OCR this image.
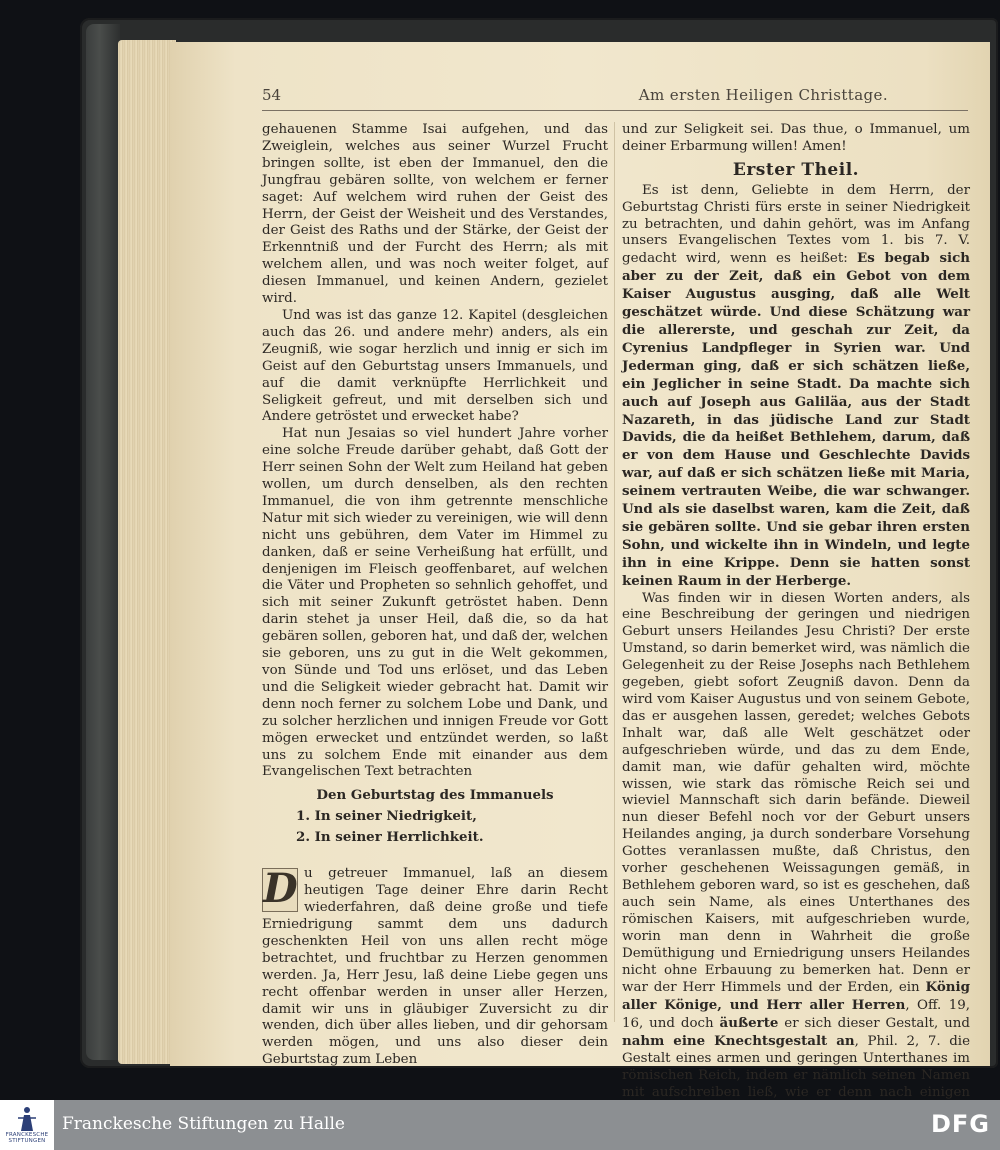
54	Am ersten Heiligen Christtage.

gehauenen Stamme Isai aufgehen, und das Zweiglein, welches aus seiner Wurzel Frucht bringen sollte, ist eben der Immanuel, den die Jungfrau gebären sollte, von welchem er ferner saget: Auf welchem wird ruhen der Geist des Herrn, der Geist der Weisheit und des Verstandes, der Geist des Raths und der Stärke, der Geist der Erkenntniß und der Furcht des Herrn; als mit welchem allen, und was noch weiter folget, auf diesen Immanuel, und keinen Andern, gezielet wird.

Und was ist das ganze 12. Kapitel (desgleichen auch das 26. und andere mehr) anders, als ein Zeugniß, wie sogar herzlich und innig er sich im Geist auf den Geburtstag unsers Immanuels, und auf die damit verknüpfte Herrlichkeit und Seligkeit gefreut, und mit derselben sich und Andere getröstet und erwecket habe?

Hat nun Jesaias so viel hundert Jahre vorher eine solche Freude darüber gehabt, daß Gott der Herr seinen Sohn der Welt zum Heiland hat geben wollen, um durch denselben, als den rechten Immanuel, die von ihm getrennte menschliche Natur mit sich wieder zu vereinigen, wie will denn nicht uns gebühren, dem Vater im Himmel zu danken, daß er seine Verheißung hat erfüllt, und denjenigen im Fleisch geoffenbaret, auf welchen die Väter und Propheten so sehnlich gehoffet, und sich mit seiner Zukunft getröstet haben. Denn darin stehet ja unser Heil, daß die, so da hat gebären sollen, geboren hat, und daß der, welchen sie geboren, uns zu gut in die Welt gekommen, von Sünde und Tod uns erlöset, und das Leben und die Seligkeit wieder gebracht hat. Damit wir denn noch ferner zu solchem Lobe und Dank, und zu solcher herzlichen und innigen Freude vor Gott mögen erwecket und entzündet werden, so laßt uns zu solchem Ende mit einander aus dem Evangelischen Text betrachten

Den Geburtstag des Immanuels
1. In seiner Niedrigkeit,
2. In seiner Herrlichkeit.
D u getreuer Immanuel, laß an diesem heutigen Tage deiner Ehre darin Recht wiederfahren, daß deine große und tiefe Erniedrigung sammt dem uns dadurch geschenkten Heil von uns allen recht möge betrachtet, und fruchtbar zu Herzen genommen werden. Ja, Herr Jesu, laß deine Liebe gegen uns recht offenbar werden in unser aller Herzen, damit wir uns in gläubiger Zuversicht zu dir wenden, dich über alles lieben, und dir gehorsam werden mögen, und uns also dieser dein Geburtstag zum Leben

und zur Seligkeit sei. Das thue, o Immanuel, um deiner Erbarmung willen! Amen!

Erster Theil.

Es ist denn, Geliebte in dem Herrn, der Geburtstag Christi fürs erste in seiner Niedrigkeit zu betrachten, und dahin gehört, was im Anfang unsers Evangelischen Textes vom 1. bis 7. V. gedacht wird, wenn es heißet: Es begab sich aber zu der Zeit, daß ein Gebot von dem Kaiser Augustus ausging, daß alle Welt geschätzet würde. Und diese Schätzung war die allererste, und geschah zur Zeit, da Cyrenius Landpfleger in Syrien war. Und Jederman ging, daß er sich schätzen ließe, ein Jeglicher in seine Stadt. Da machte sich auch auf Joseph aus Galiläa, aus der Stadt Nazareth, in das jüdische Land zur Stadt Davids, die da heißet Bethlehem, darum, daß er von dem Hause und Geschlechte Davids war, auf daß er sich schätzen ließe mit Maria, seinem vertrauten Weibe, die war schwanger. Und als sie daselbst waren, kam die Zeit, daß sie gebären sollte. Und sie gebar ihren ersten Sohn, und wickelte ihn in Windeln, und legte ihn in eine Krippe. Denn sie hatten sonst keinen Raum in der Herberge.

Was finden wir in diesen Worten anders, als eine Beschreibung der geringen und niedrigen Geburt unsers Heilandes Jesu Christi? Der erste Umstand, so darin bemerket wird, was nämlich die Gelegenheit zu der Reise Josephs nach Bethlehem gegeben, giebt sofort Zeugniß davon. Denn da wird vom Kaiser Augustus und von seinem Gebote, das er ausgehen lassen, geredet; welches Gebots Inhalt war, daß alle Welt geschätzet oder aufgeschrieben würde, und das zu dem Ende, damit man, wie dafür gehalten wird, möchte wissen, wie stark das römische Reich sei und wieviel Mannschaft sich darin befände. Dieweil nun dieser Befehl noch vor der Geburt unsers Heilandes anging, ja durch sonderbare Vorsehung Gottes veranlassen mußte, daß Christus, den vorher geschehenen Weissagungen gemäß, in Bethlehem geboren ward, so ist es geschehen, daß auch sein Name, als eines Unterthanes des römischen Kaisers, mit aufgeschrieben wurde, worin man denn in Wahrheit die große Demüthigung und Erniedrigung unsers Heilandes nicht ohne Erbauung zu bemerken hat. Denn er war der Herr Himmels und der Erden, ein König aller Könige, und Herr aller Herren, Off. 19, 16, und doch äußerte er sich dieser Gestalt, und nahm eine Knechtsgestalt an, Phil. 2, 7. die Gestalt eines armen und geringen Unterthanes im römischen Reich, indem er nämlich seinen Namen mit aufschreiben ließ, wie er denn nach einigen

FRANCKESCHE
STIFTUNGEN
Franckesche Stiftungen zu Halle	DFG
